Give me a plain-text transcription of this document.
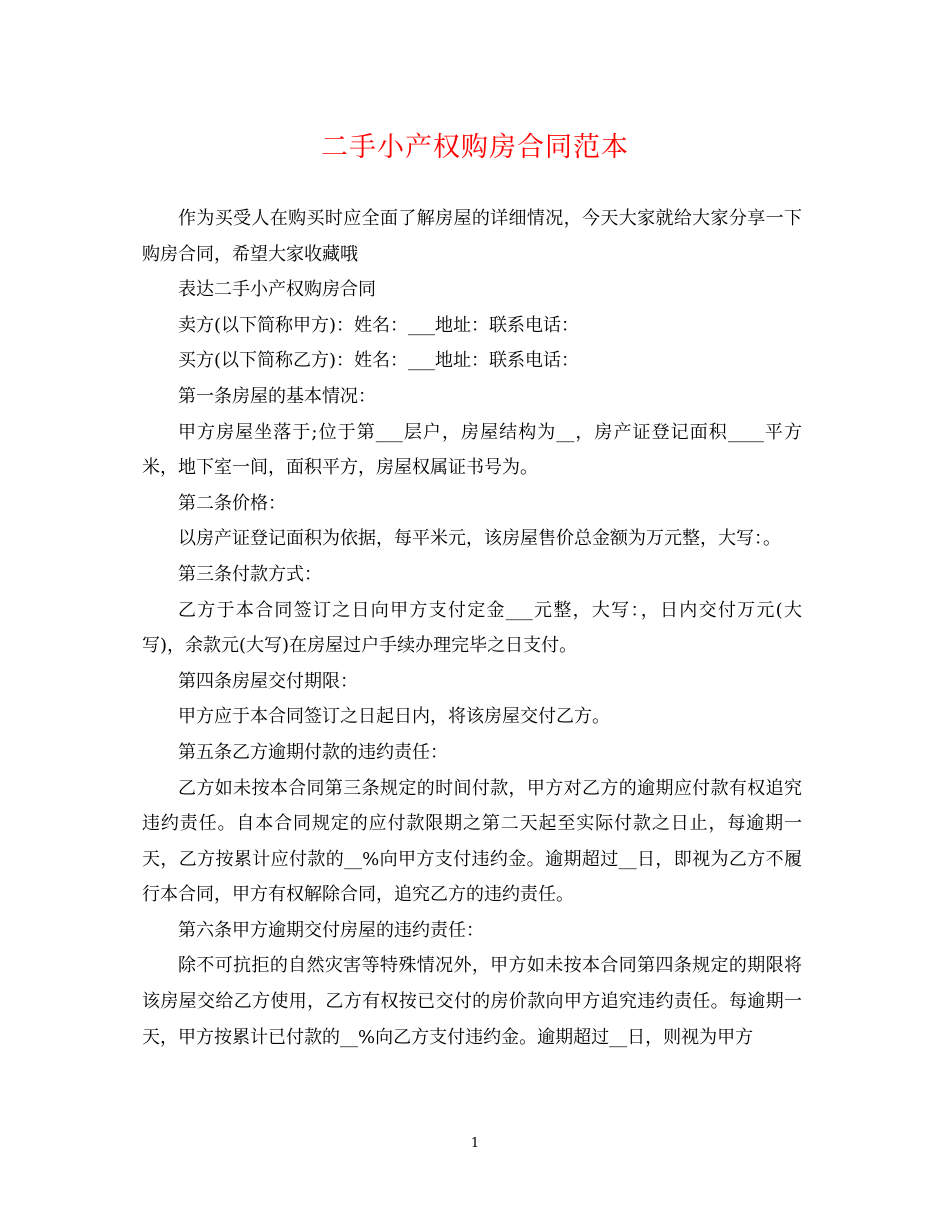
二手小产权购房合同范本

作为买受人在购买时应全面了解房屋的详细情况，今天大家就给大家分享一下购房合同，希望大家收藏哦

表达二手小产权购房合同

卖方(以下简称甲方)：姓名：___地址：联系电话：

买方(以下简称乙方)：姓名：___地址：联系电话：

第一条房屋的基本情况：

甲方房屋坐落于;位于第___层户，房屋结构为__，房产证登记面积____平方米，地下室一间，面积平方，房屋权属证书号为。

第二条价格：

以房产证登记面积为依据，每平米元，该房屋售价总金额为万元整，大写：。

第三条付款方式：

乙方于本合同签订之日向甲方支付定金___元整，大写：，日内交付万元(大写)，余款元(大写)在房屋过户手续办理完毕之日支付。

第四条房屋交付期限：

甲方应于本合同签订之日起日内，将该房屋交付乙方。

第五条乙方逾期付款的违约责任：

乙方如未按本合同第三条规定的时间付款，甲方对乙方的逾期应付款有权追究违约责任。自本合同规定的应付款限期之第二天起至实际付款之日止，每逾期一天，乙方按累计应付款的__%向甲方支付违约金。逾期超过__日，即视为乙方不履行本合同，甲方有权解除合同，追究乙方的违约责任。

第六条甲方逾期交付房屋的违约责任：

除不可抗拒的自然灾害等特殊情况外，甲方如未按本合同第四条规定的期限将该房屋交给乙方使用，乙方有权按已交付的房价款向甲方追究违约责任。每逾期一天，甲方按累计已付款的__%向乙方支付违约金。逾期超过__日，则视为甲方

1
